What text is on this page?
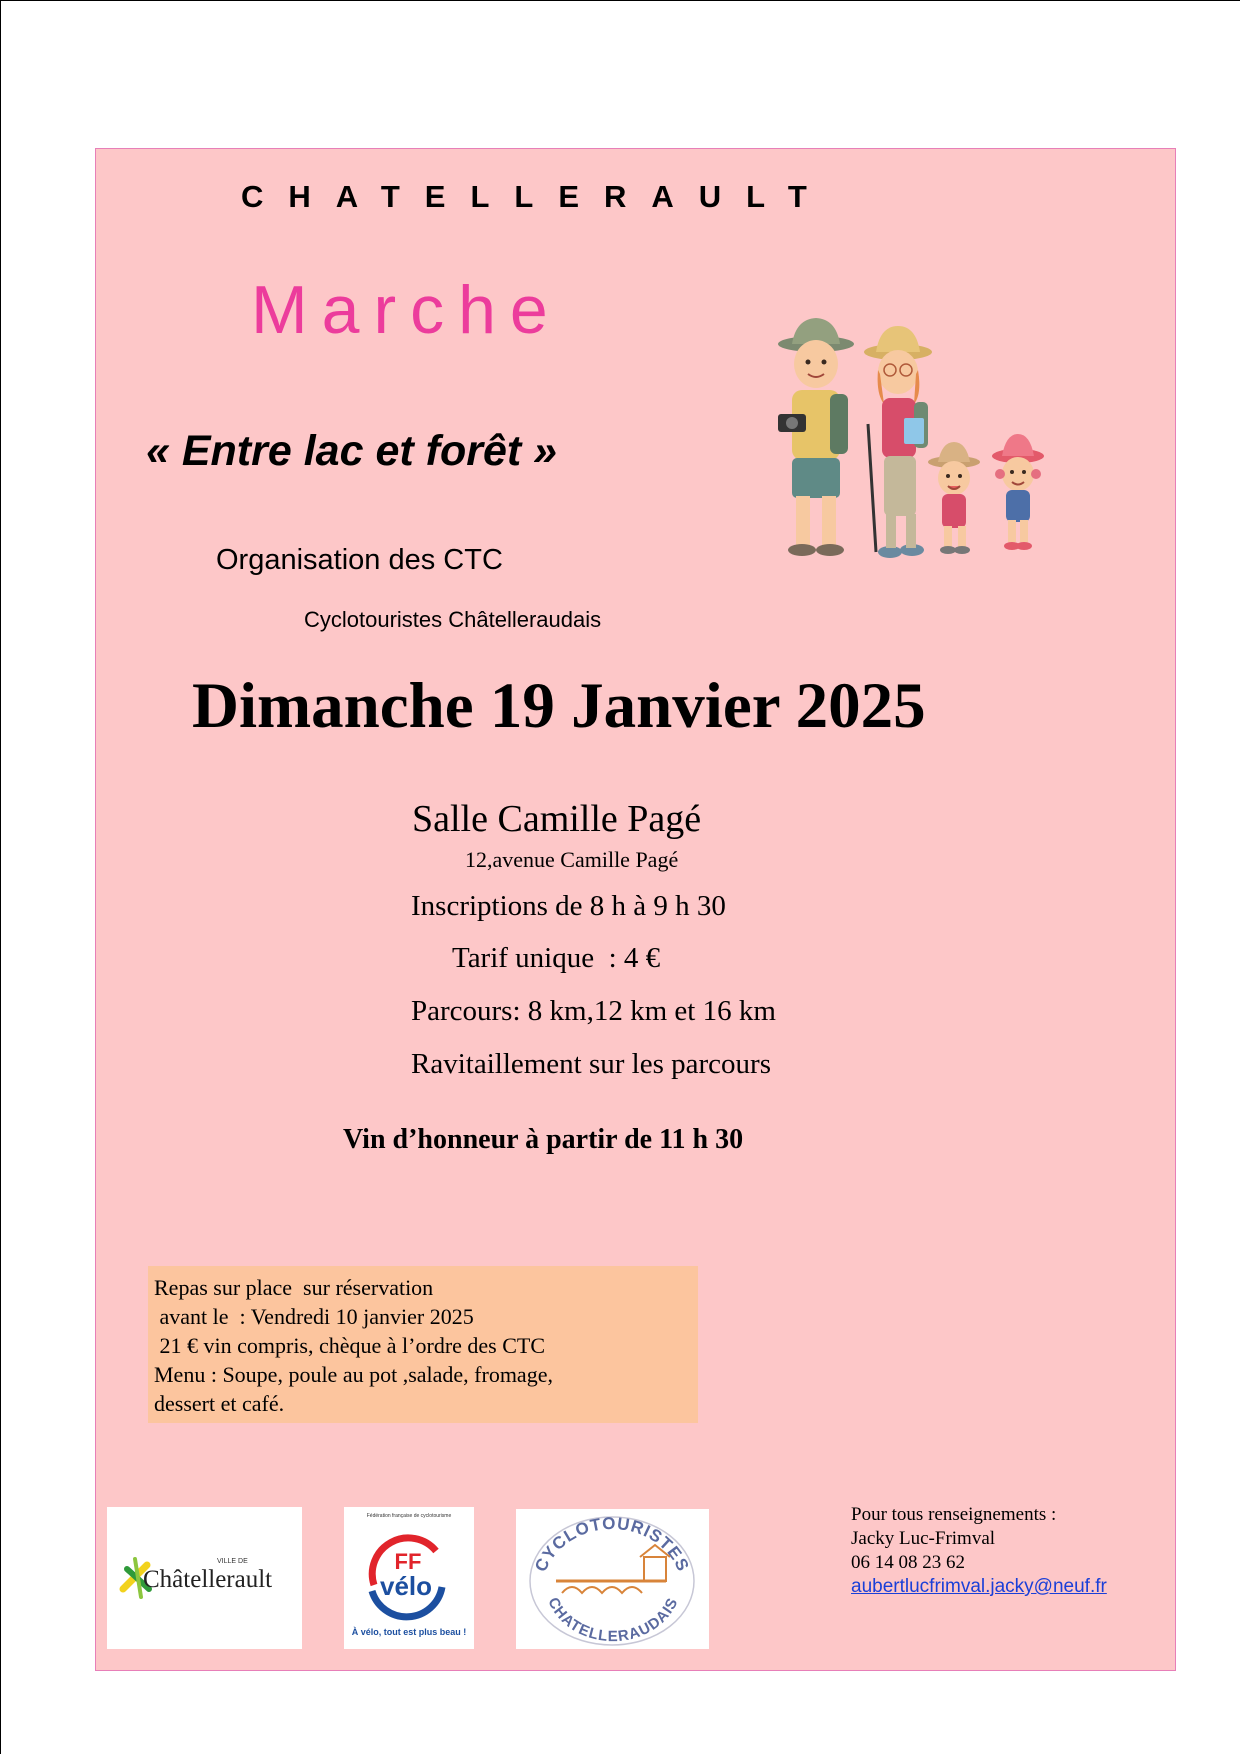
CHATELLERAULT
Marche
« Entre lac et forêt »
Organisation des CTC
Cyclotouristes Châtelleraudais
Dimanche 19 Janvier 2025
Salle Camille Pagé
12,avenue Camille Pagé
Inscriptions de 8 h à 9 h 30
Tarif unique  : 4 €
Parcours: 8 km,12 km et 16 km
Ravitaillement sur les parcours
Vin d’honneur à partir de 11 h 30
Repas sur place  sur réservation
avant le  : Vendredi 10 janvier 2025
21 € vin compris, chèque à l’ordre des CTC
Menu : Soupe, poule au pot ,salade, fromage,
dessert et café.
VILLE DE
Châtellerault
Fédération française de cyclotourisme
FF
vélo
À vélo, tout est plus beau !
CYCLOTOURISTES
CHATELLERAUDAIS
Pour tous renseignements :
Jacky Luc-Frimval
06 14 08 23 62
aubertlucfrimval.jacky@neuf.fr
